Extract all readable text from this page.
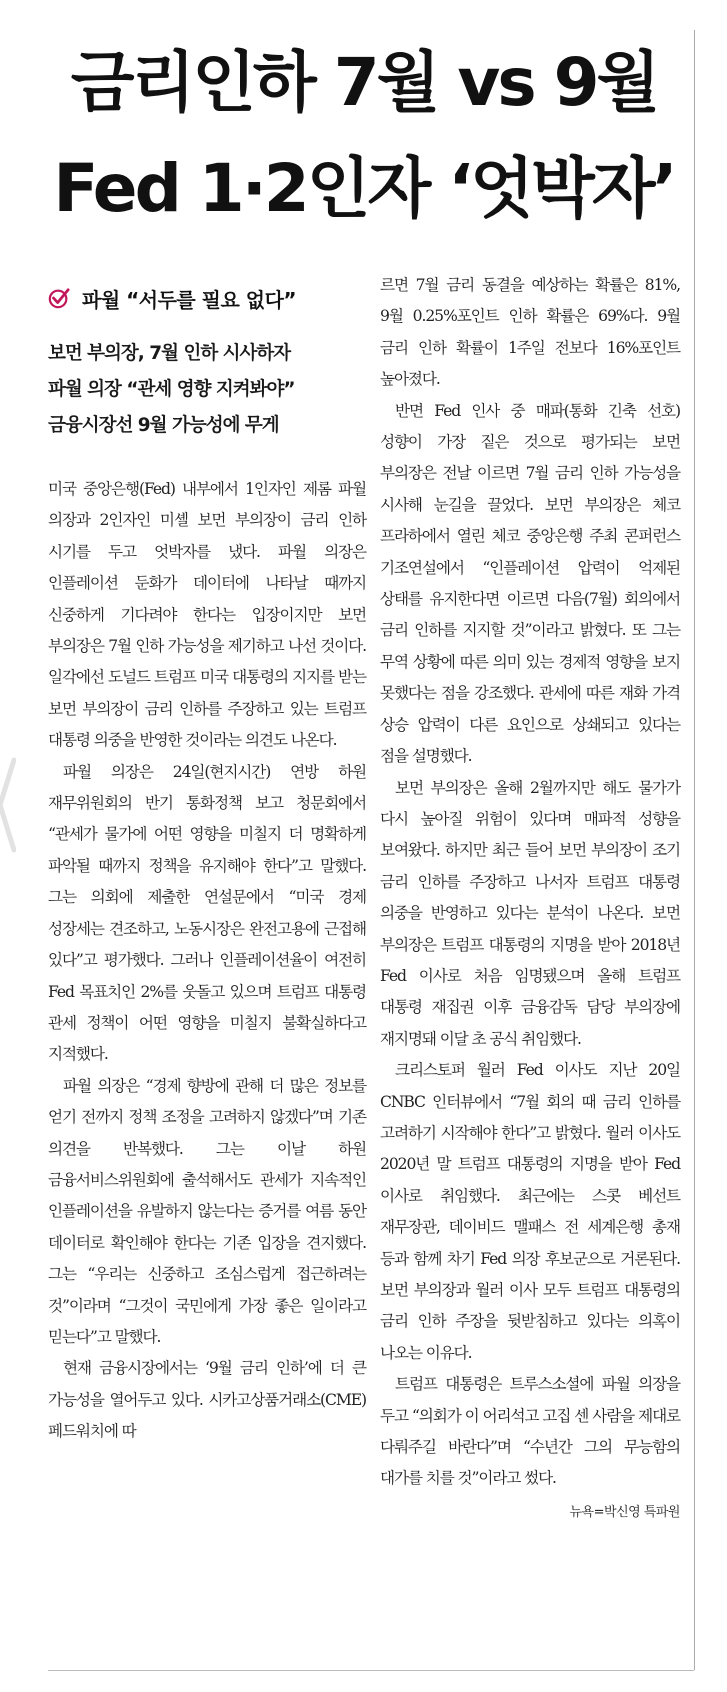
금리인하 7월 vs 9월
Fed 1·2인자 ‘엇박자’
파월 “서두를 필요 없다”
보먼 부의장, 7월 인하 시사하자
파월 의장 “관세 영향 지켜봐야”
금융시장선 9월 가능성에 무게

미국 중앙은행(Fed) 내부에서 1인자인 제롬 파월 의장과 2인자인 미셸 보먼 부의장이 금리 인하 시기를 두고 엇박자를 냈다. 파월 의장은 인플레이션 둔화가 데이터에 나타날 때까지 신중하게 기다려야 한다는 입장이지만 보먼 부의장은 7월 인하 가능성을 제기하고 나선 것이다. 일각에선 도널드 트럼프 미국 대통령의 지지를 받는 보먼 부의장이 금리 인하를 주장하고 있는 트럼프 대통령 의중을 반영한 것이라는 의견도 나온다.

파월 의장은 24일(현지시간) 연방 하원 재무위원회의 반기 통화정책 보고 청문회에서 “관세가 물가에 어떤 영향을 미칠지 더 명확하게 파악될 때까지 정책을 유지해야 한다”고 말했다. 그는 의회에 제출한 연설문에서 “미국 경제 성장세는 견조하고, 노동시장은 완전고용에 근접해 있다”고 평가했다. 그러나 인플레이션율이 여전히 Fed 목표치인 2%를 웃돌고 있으며 트럼프 대통령 관세 정책이 어떤 영향을 미칠지 불확실하다고 지적했다.

파월 의장은 “경제 향방에 관해 더 많은 정보를 얻기 전까지 정책 조정을 고려하지 않겠다”며 기존 의견을 반복했다. 그는 이날 하원 금융서비스위원회에 출석해서도 관세가 지속적인 인플레이션을 유발하지 않는다는 증거를 여름 동안 데이터로 확인해야 한다는 기존 입장을 견지했다. 그는 “우리는 신중하고 조심스럽게 접근하려는 것”이라며 “그것이 국민에게 가장 좋은 일이라고 믿는다”고 말했다.

현재 금융시장에서는 ‘9월 금리 인하’에 더 큰 가능성을 열어두고 있다. 시카고상품거래소(CME) 페드워치에 따

르면 7월 금리 동결을 예상하는 확률은 81%, 9월 0.25%포인트 인하 확률은 69%다. 9월 금리 인하 확률이 1주일 전보다 16%포인트 높아졌다.

반면 Fed 인사 중 매파(통화 긴축 선호) 성향이 가장 짙은 것으로 평가되는 보먼 부의장은 전날 이르면 7월 금리 인하 가능성을 시사해 눈길을 끌었다. 보먼 부의장은 체코 프라하에서 열린 체코 중앙은행 주최 콘퍼런스 기조연설에서 “인플레이션 압력이 억제된 상태를 유지한다면 이르면 다음(7월) 회의에서 금리 인하를 지지할 것”이라고 밝혔다. 또 그는 무역 상황에 따른 의미 있는 경제적 영향을 보지 못했다는 점을 강조했다. 관세에 따른 재화 가격 상승 압력이 다른 요인으로 상쇄되고 있다는 점을 설명했다.

보먼 부의장은 올해 2월까지만 해도 물가가 다시 높아질 위험이 있다며 매파적 성향을 보여왔다. 하지만 최근 들어 보먼 부의장이 조기 금리 인하를 주장하고 나서자 트럼프 대통령 의중을 반영하고 있다는 분석이 나온다. 보먼 부의장은 트럼프 대통령의 지명을 받아 2018년 Fed 이사로 처음 임명됐으며 올해 트럼프 대통령 재집권 이후 금융감독 담당 부의장에 재지명돼 이달 초 공식 취임했다.

크리스토퍼 월러 Fed 이사도 지난 20일 CNBC 인터뷰에서 “7월 회의 때 금리 인하를 고려하기 시작해야 한다”고 밝혔다. 월러 이사도 2020년 말 트럼프 대통령의 지명을 받아 Fed 이사로 취임했다. 최근에는 스콧 베선트 재무장관, 데이비드 맬패스 전 세계은행 총재 등과 함께 차기 Fed 의장 후보군으로 거론된다. 보먼 부의장과 월러 이사 모두 트럼프 대통령의 금리 인하 주장을 뒷받침하고 있다는 의혹이 나오는 이유다.

트럼프 대통령은 트루스소셜에 파월 의장을 두고 “의회가 이 어리석고 고집 센 사람을 제대로 다뤄주길 바란다”며 “수년간 그의 무능함의 대가를 치를 것”이라고 썼다.
뉴욕=박신영 특파원
